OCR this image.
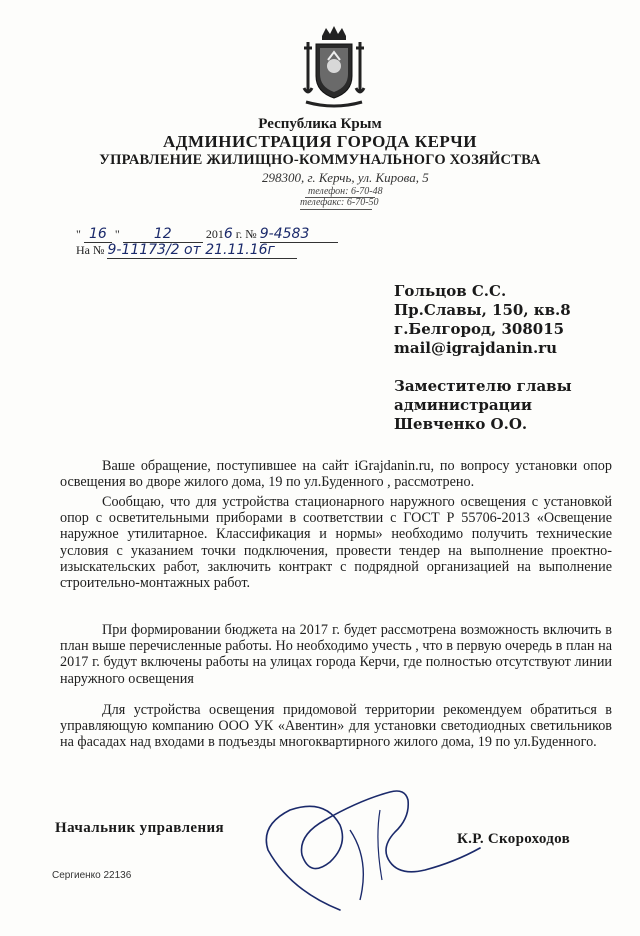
Республика Крым
АДМИНИСТРАЦИЯ ГОРОДА КЕРЧИ
УПРАВЛЕНИЕ ЖИЛИЩНО-КОММУНАЛЬНОГО ХОЗЯЙСТВА
298300, г. Керчь, ул. Кирова, 5
телефон: 6-70-48
телефакс: 6-70-50
" 16 " 12	2016 г. № 9-4583
На № 9-11173/2 от 21.11.16г
Гольцов С.С.
Пр.Славы, 150, кв.8
г.Белгород, 308015
mail@igrajdanin.ru
Заместителю главы
администрации
Шевченко О.О.
Ваше обращение, поступившее на сайт iGrajdanin.ru, по вопросу установки опор освещения во дворе жилого дома, 19 по ул.Буденного , рассмотрено.
Сообщаю, что для устройства стационарного наружного освещения с установкой опор с осветительными приборами в соответствии с ГОСТ Р 55706-2013 «Освещение наружное утилитарное. Классификация и нормы» необходимо получить технические условия с указанием точки подключения, провести тендер на выполнение проектно-изыскательских работ, заключить контракт с подрядной организацией на выполнение строительно-монтажных работ.
При формировании бюджета на 2017 г. будет рассмотрена возможность включить в план выше перечисленные работы. Но необходимо учесть , что в первую очередь в план на 2017 г. будут включены работы на улицах города Керчи, где полностью отсутствуют линии наружного освещения
Для устройства освещения придомовой территории рекомендуем обратиться в управляющую компанию ООО УК «Авентин» для установки светодиодных светильников на фасадах над входами в подъезды многоквартирного жилого дома, 19 по ул.Буденного.
Начальник управления
К.Р. Скороходов
Сергиенко 22136
